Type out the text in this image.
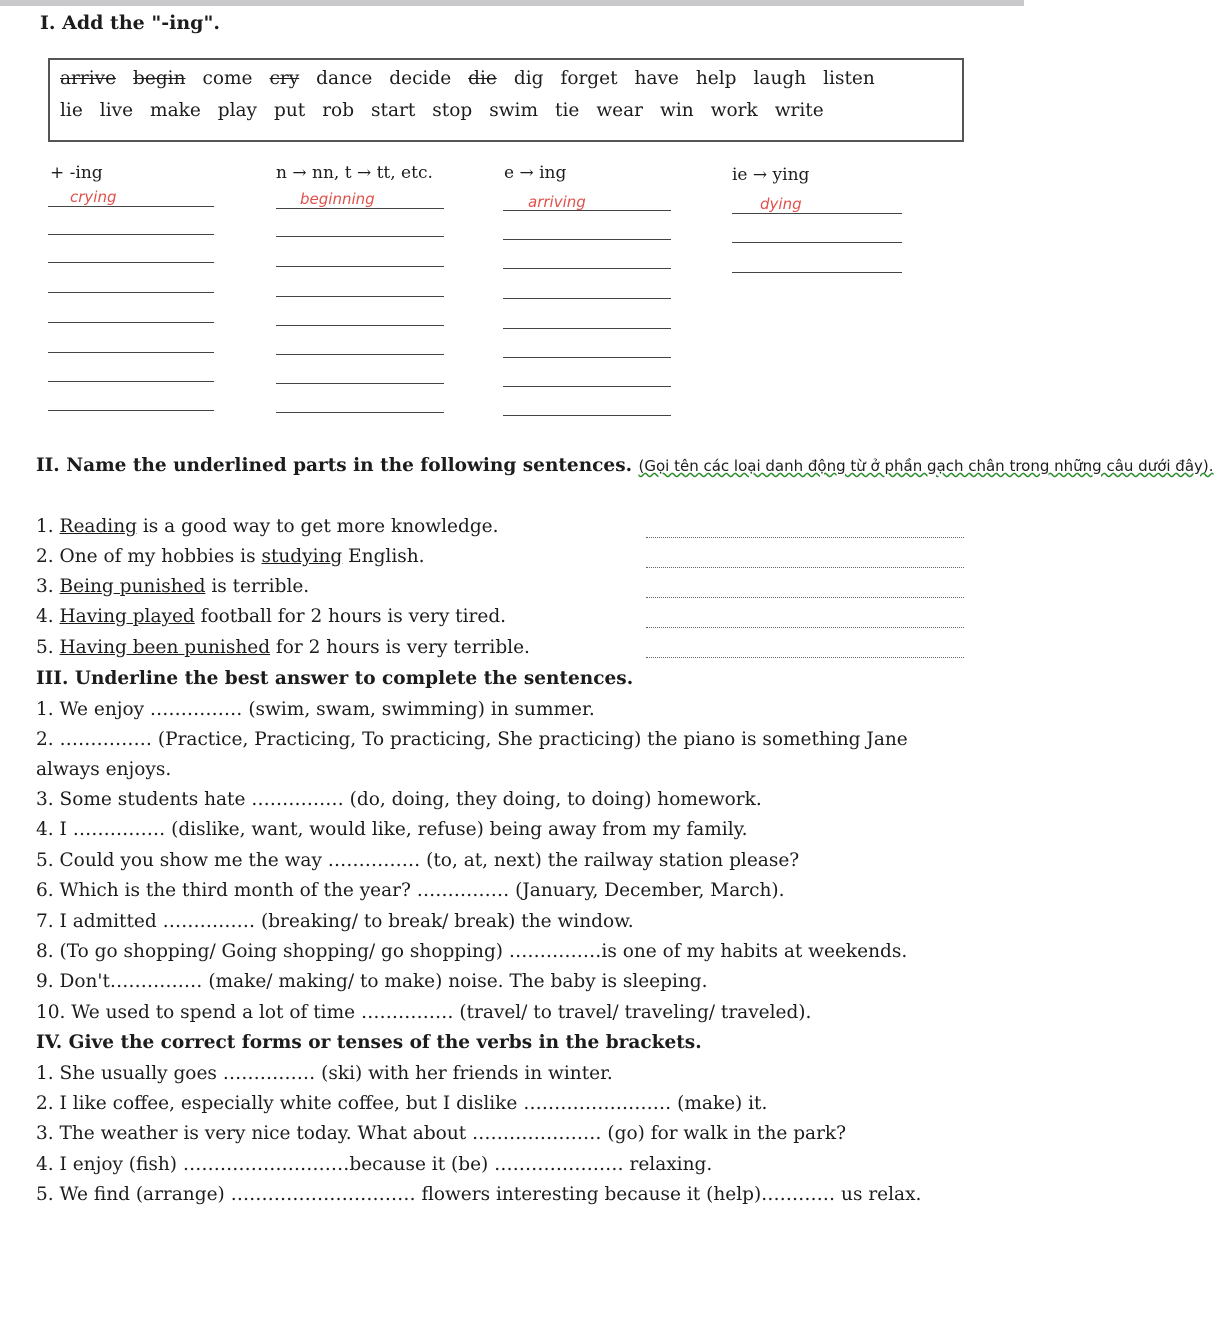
I. Add the "-ing".
arrive begin come cry dance decide die dig forget have help laugh listen
lie live make play put rob start stop swim tie wear win work write
+ -ing	n → nn, t → tt, etc.	e → ing	ie → ying
crying	beginning	arriving	dying
II. Name the underlined parts in the following sentences. (Gọi tên các loại danh động từ ở phần gạch chân trong những câu dưới đây).
1. Reading is a good way to get more knowledge.
2. One of my hobbies is studying English.
3. Being punished is terrible.
4. Having played football for 2 hours is very tired.
5. Having been punished for 2 hours is very terrible.
III. Underline the best answer to complete the sentences.
1. We enjoy …………… (swim, swam, swimming) in summer.
2. …………… (Practice, Practicing, To practicing, She practicing) the piano is something Jane
always enjoys.
3. Some students hate …………… (do, doing, they doing, to doing) homework.
4. I …………… (dislike, want, would like, refuse) being away from my family.
5. Could you show me the way …………… (to, at, next) the railway station please?
6. Which is the third month of the year? …………… (January, December, March).
7. I admitted …………… (breaking/ to break/ break) the window.
8. (To go shopping/ Going shopping/ go shopping) ……………is one of my habits at weekends.
9. Don't…………… (make/ making/ to make) noise. The baby is sleeping.
10. We used to spend a lot of time …………… (travel/ to travel/ traveling/ traveled).
IV. Give the correct forms or tenses of the verbs in the brackets.
1. She usually goes …………… (ski) with her friends in winter.
2. I like coffee, especially white coffee, but I dislike …………………… (make) it.
3. The weather is very nice today. What about ………………… (go) for walk in the park?
4. I enjoy (fish) ………………………because it (be) ………………… relaxing.
5. We find (arrange) ………………………… flowers interesting because it (help)………… us relax.
